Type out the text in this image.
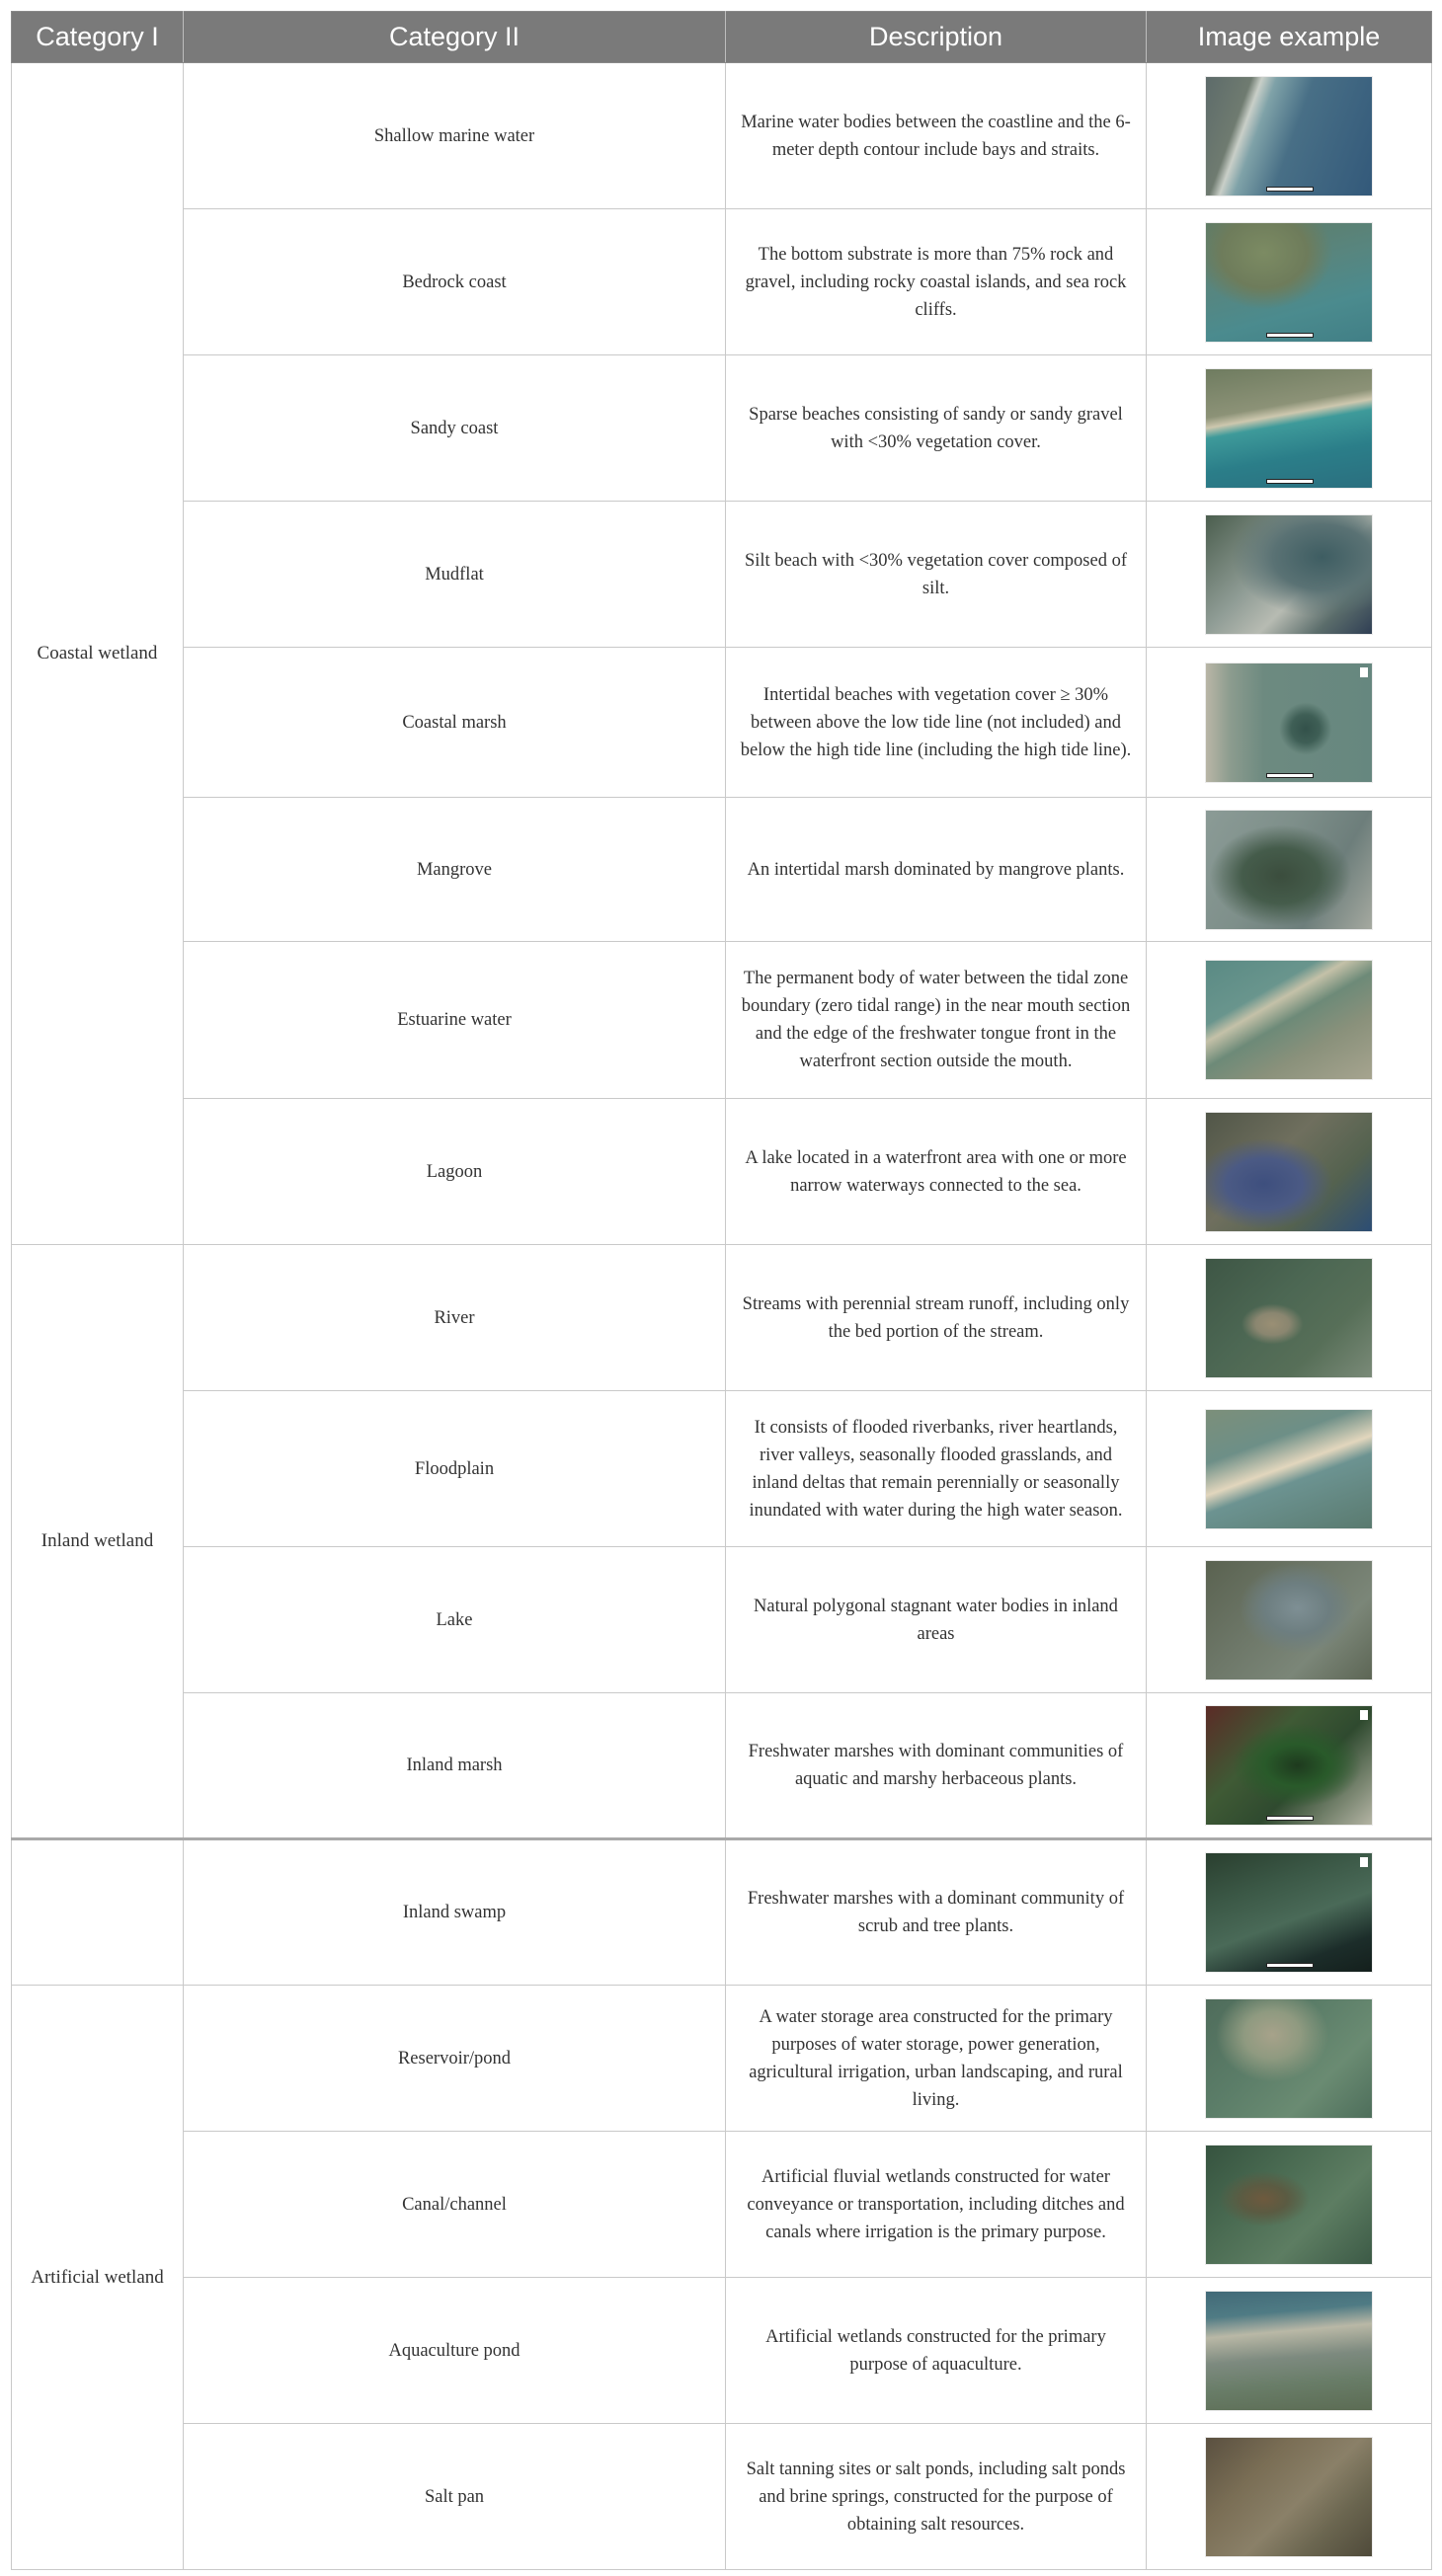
Category I	Category II	Description	Image example
Coastal wetland	Shallow marine water	Marine water bodies between the coastline and the 6-meter depth contour include bays and straits.	

	Bedrock coast	The bottom substrate is more than 75% rock and gravel, including rocky coastal islands, and sea rock cliffs.	

	Sandy coast	Sparse beaches consisting of sandy or sandy gravel with <30% vegetation cover.	

	Mudflat	Silt beach with <30% vegetation cover composed of silt.	
	Coastal marsh	Intertidal beaches with vegetation cover ≥ 30% between above the low tide line (not included) and below the high tide line (including the high tide line).	

	Mangrove	An intertidal marsh dominated by mangrove plants.	
	Estuarine water	The permanent body of water between the tidal zone boundary (zero tidal range) in the near mouth section and the edge of the freshwater tongue front in the waterfront section outside the mouth.	
	Lagoon	A lake located in a waterfront area with one or more narrow waterways connected to the sea.	
Inland wetland	River	Streams with perennial stream runoff, including only the bed portion of the stream.	
	Floodplain	It consists of flooded riverbanks, river heartlands, river valleys, seasonally flooded grasslands, and inland deltas that remain perennially or seasonally inundated with water during the high water season.	
	Lake	Natural polygonal stagnant water bodies in inland areas	
	Inland marsh	Freshwater marshes with dominant communities of aquatic and marshy herbaceous plants.	

	Inland swamp	Freshwater marshes with a dominant community of scrub and tree plants.	

Artificial wetland	Reservoir/pond	A water storage area constructed for the primary purposes of water storage, power generation, agricultural irrigation, urban landscaping, and rural living.	
	Canal/channel	Artificial fluvial wetlands constructed for water conveyance or transportation, including ditches and canals where irrigation is the primary purpose.	
	Aquaculture pond	Artificial wetlands constructed for the primary purpose of aquaculture.	
	Salt pan	Salt tanning sites or salt ponds, including salt ponds and brine springs, constructed for the purpose of obtaining salt resources.	
